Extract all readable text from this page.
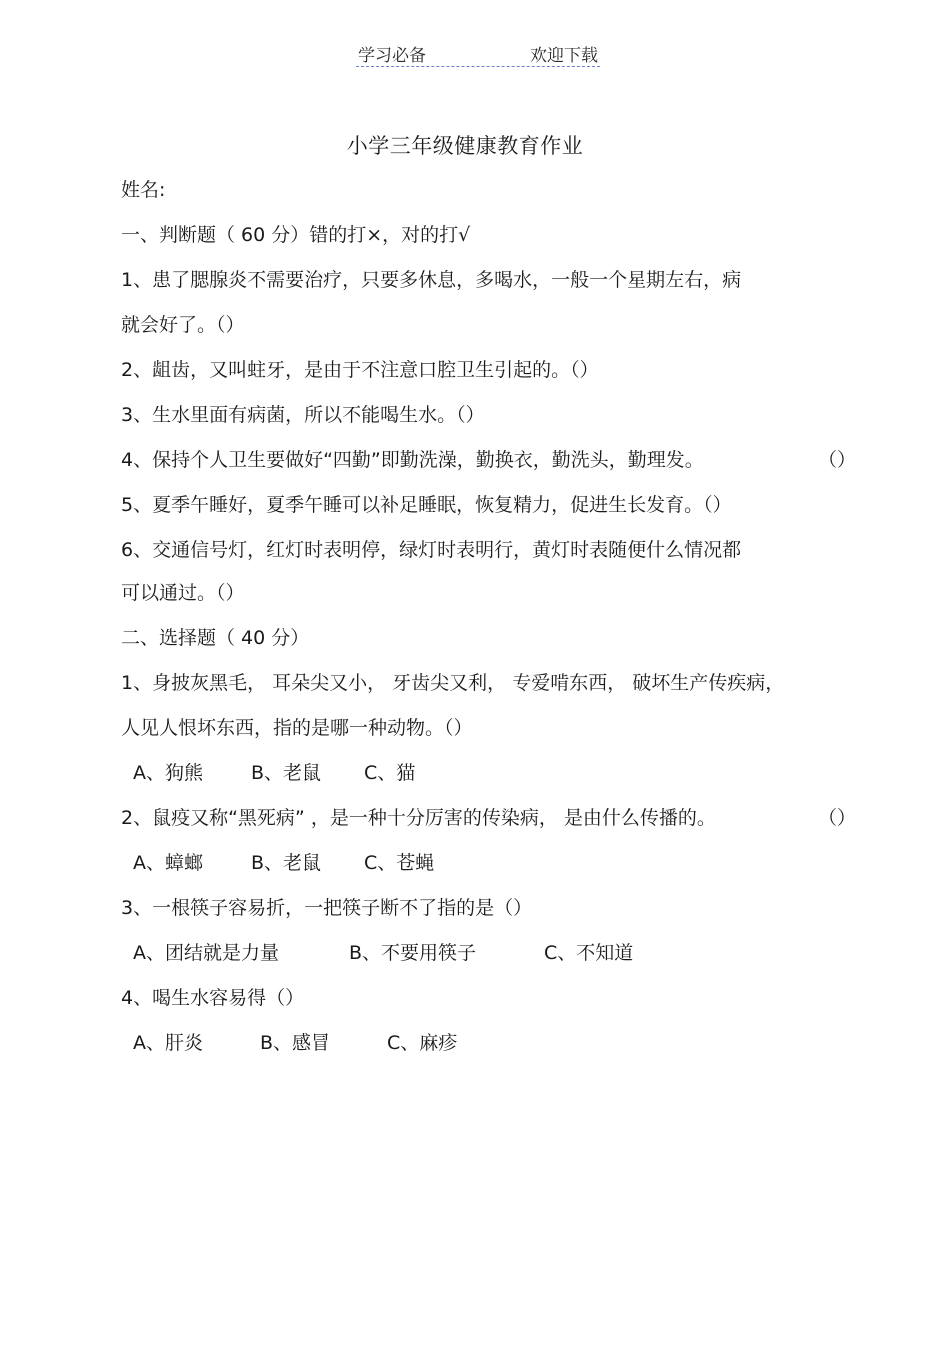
学习必备	欢迎下载
小学三年级健康教育作业
姓名:
一、判断题（ 60 分）错的打×，对的打√
1、患了腮腺炎不需要治疗，只要多休息，多喝水，一般一个星期左右，病
就会好了。（）
2、龃齿，又叫蛀牙，是由于不注意口腔卫生引起的。（）
3、生水里面有病菌，所以不能喝生水。（）
4、保持个人卫生要做好“四勤”即勤洗澡，勤换衣，勤洗头，勤理发。	（）
5、夏季午睡好，夏季午睡可以补足睡眠，恢复精力，促进生长发育。（）
6、交通信号灯，红灯时表明停，绿灯时表明行，黄灯时表随便什么情况都
可以通过。（）
二、选择题（ 40 分）
1、身披灰黑毛， 耳朵尖又小， 牙齿尖又利， 专爱啃东西， 破坏生产传疾病，
人见人恨坏东西，指的是哪一种动物。（）
A、狗熊	B、老鼠 C、猫
2、鼠疫又称“黑死病” ，是一种十分厉害的传染病， 是由什么传播的。	（）
A、蟑螂	B、老鼠 C、苍蝇
3、一根筷子容易折，一把筷子断不了指的是（）
A、团结就是力量	B、不要用筷子	C、不知道
4、喝生水容易得（）
A、肝炎	B、感冒	C、麻疹
